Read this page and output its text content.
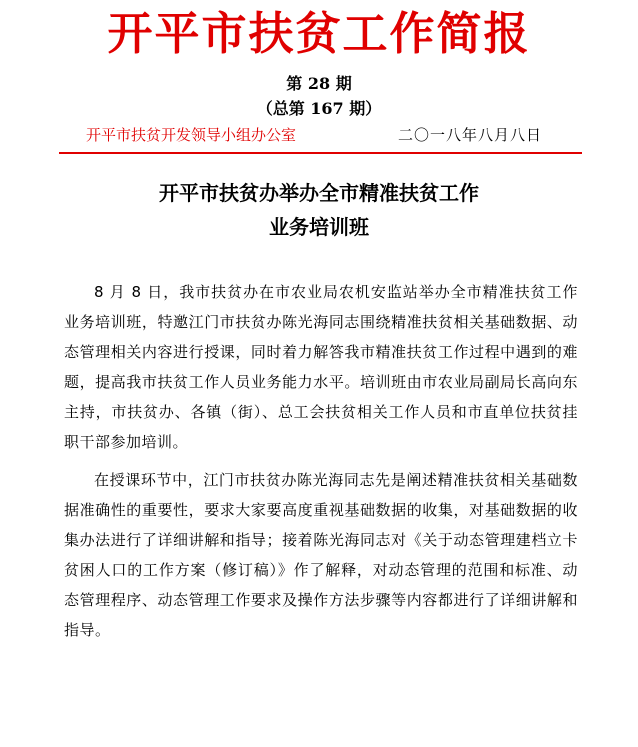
开平市扶贫工作简报
第 28 期
（总第 167 期）
开平市扶贫开发领导小组办公室	二〇一八年八月八日
开平市扶贫办举办全市精准扶贫工作
业务培训班

8 月 8 日，我市扶贫办在市农业局农机安监站举办全市精准扶贫工作业务培训班，特邀江门市扶贫办陈光海同志围绕精准扶贫相关基础数据、动态管理相关内容进行授课，同时着力解答我市精准扶贫工作过程中遇到的难题，提高我市扶贫工作人员业务能力水平。培训班由市农业局副局长高向东主持，市扶贫办、各镇（街）、总工会扶贫相关工作人员和市直单位扶贫挂职干部参加培训。

在授课环节中，江门市扶贫办陈光海同志先是阐述精准扶贫相关基础数据准确性的重要性，要求大家要高度重视基础数据的收集，对基础数据的收集办法进行了详细讲解和指导；接着陈光海同志对《关于动态管理建档立卡贫困人口的工作方案（修订稿）》作了解释，对动态管理的范围和标准、动态管理程序、动态管理工作要求及操作方法步骤等内容都进行了详细讲解和指导。
